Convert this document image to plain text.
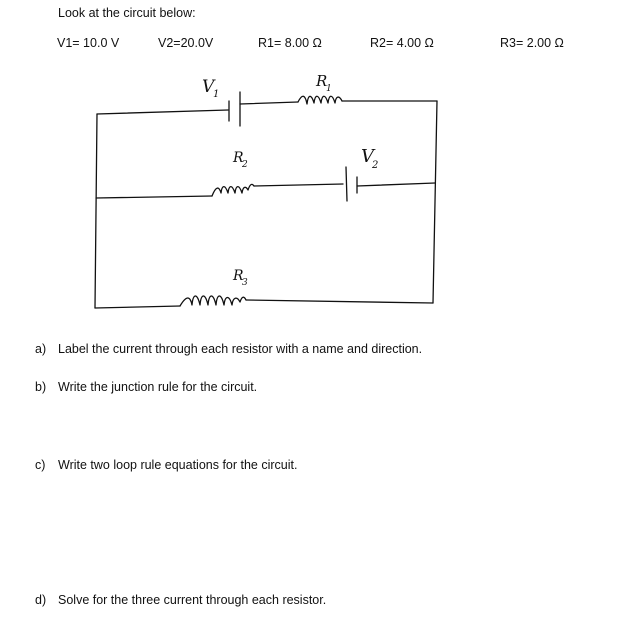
Look at the circuit below:
V1= 10.0 V	V2=20.0V	R1= 8.00 Ω	R2= 4.00 Ω	R3= 2.00 Ω
V
1
R
1
R
2	V
2
R
3
a) Label the current through each resistor with a name and direction.
b) Write the junction rule for the circuit.
c) Write two loop rule equations for the circuit.
d) Solve for the three current through each resistor.
